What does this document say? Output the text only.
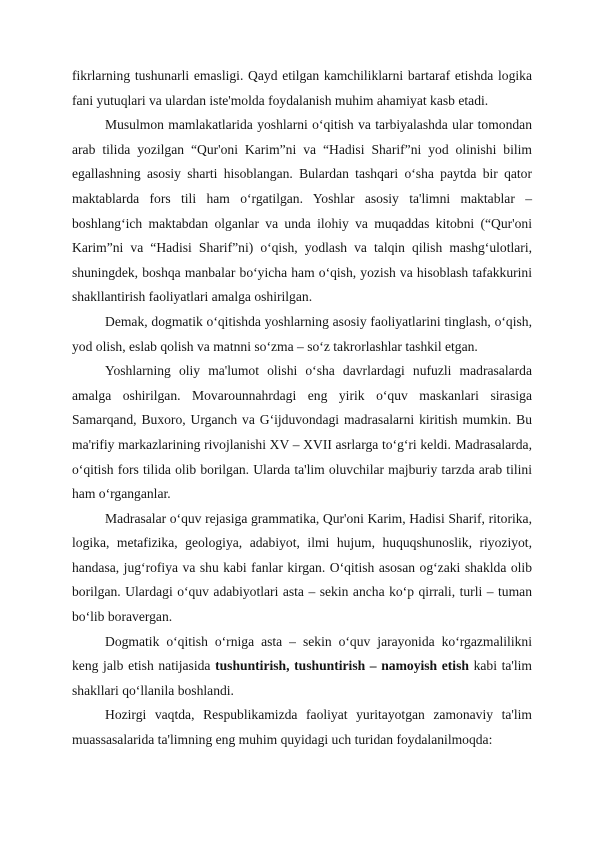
fikrlarning tushunarli emasligi. Qayd etilgan kamchiliklarni bartaraf etishda logika fani yutuqlari va ulardan iste'molda foydalanish muhim ahamiyat kasb etadi.

Musulmon mamlakatlarida yoshlarni o‘qitish va tarbiyalashda ular tomondan arab tilida yozilgan “Qur'oni Karim”ni va “Hadisi Sharif”ni yod olinishi bilim egallashning asosiy sharti hisoblangan. Bulardan tashqari o‘sha paytda bir qator maktablarda fors tili ham o‘rgatilgan. Yoshlar asosiy ta'limni maktablar – boshlang‘ich maktabdan olganlar va unda ilohiy va muqaddas kitobni (“Qur'oni Karim”ni va “Hadisi Sharif”ni) o‘qish, yodlash va talqin qilish mashg‘ulotlari, shuningdek, boshqa manbalar bo‘yicha ham o‘qish, yozish va hisoblash tafakkurini shakllantirish faoliyatlari amalga oshirilgan.

Demak, dogmatik o‘qitishda yoshlarning asosiy faoliyatlarini tinglash, o‘qish, yod olish, eslab qolish va matnni so‘zma – so‘z takrorlashlar tashkil etgan.

Yoshlarning oliy ma'lumot olishi o‘sha davrlardagi nufuzli madrasalarda amalga oshirilgan. Movarounnahrdagi eng yirik o‘quv maskanlari sirasiga Samarqand, Buxoro, Urganch va G‘ijduvondagi madrasalarni kiritish mumkin. Bu ma'rifiy markazlarining rivojlanishi XV – XVII asrlarga to‘g‘ri keldi. Madrasalarda, o‘qitish fors tilida olib borilgan. Ularda ta'lim oluvchilar majburiy tarzda arab tilini ham o‘rganganlar.

Madrasalar o‘quv rejasiga grammatika, Qur'oni Karim, Hadisi Sharif, ritorika, logika, metafizika, geologiya, adabiyot, ilmi hujum, huquqshunoslik, riyoziyot, handasa, jug‘rofiya va shu kabi fanlar kirgan. O‘qitish asosan og‘zaki shaklda olib borilgan. Ulardagi o‘quv adabiyotlari asta – sekin ancha ko‘p qirrali, turli – tuman bo‘lib boravergan.

Dogmatik o‘qitish o‘rniga asta – sekin o‘quv jarayonida ko‘rgazmalilikni keng jalb etish natijasida tushuntirish, tushuntirish – namoyish etish kabi ta'lim shakllari qo‘llanila boshlandi.

Hozirgi vaqtda, Respublikamizda faoliyat yuritayotgan zamonaviy ta'lim muassasalarida ta'limning eng muhim quyidagi uch turidan foydalanilmoqda:
